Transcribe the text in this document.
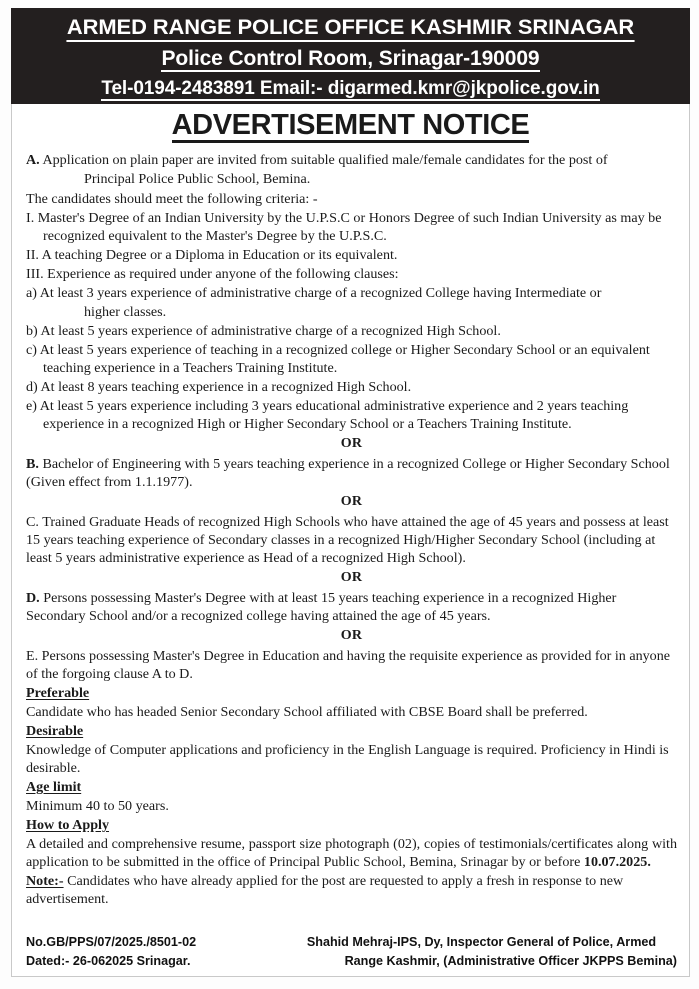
ARMED RANGE POLICE OFFICE KASHMIR SRINAGAR
Police Control Room, Srinagar-190009
Tel-0194-2483891 Email:- digarmed.kmr@jkpolice.gov.in
ADVERTISEMENT NOTICE

A. Application on plain paper are invited from suitable qualified male/female candidates for the post of

Principal Police Public School, Bemina.

The candidates should meet the following criteria: -

I. Master's Degree of an Indian University by the U.P.S.C or Honors Degree of such Indian University as may be recognized equivalent to the Master's Degree by the U.P.S.C.

II. A teaching Degree or a Diploma in Education or its equivalent.

III. Experience as required under anyone of the following clauses:

a) At least 3 years experience of administrative charge of a recognized College having Intermediate or

higher classes.

b) At least 5 years experience of administrative charge of a recognized High School.

c) At least 5 years experience of teaching in a recognized college or Higher Secondary School or an equivalent teaching experience in a Teachers Training Institute.

d) At least 8 years teaching experience in a recognized High School.

e) At least 5 years experience including 3 years educational administrative experience and 2 years teaching experience in a recognized High or Higher Secondary School or a Teachers Training Institute.

OR

B. Bachelor of Engineering with 5 years teaching experience in a recognized College or Higher Secondary School (Given effect from 1.1.1977).

OR

C. Trained Graduate Heads of recognized High Schools who have attained the age of 45 years and possess at least 15 years teaching experience of Secondary classes in a recognized High/Higher Secondary School (including at least 5 years administrative experience as Head of a recognized High School).

OR

D. Persons possessing Master's Degree with at least 15 years teaching experience in a recognized Higher Secondary School and/or a recognized college having attained the age of 45 years.

OR

E. Persons possessing Master's Degree in Education and having the requisite experience as provided for in anyone of the forgoing clause A to D.

Preferable

Candidate who has headed Senior Secondary School affiliated with CBSE Board shall be preferred.

Desirable

Knowledge of Computer applications and proficiency in the English Language is required. Proficiency in Hindi is desirable.

Age limit

Minimum 40 to 50 years.

How to Apply

A detailed and comprehensive resume, passport size photograph (02), copies of testimonials/certificates along with application to be submitted in the office of Principal Public School, Bemina, Srinagar by or before 10.07.2025.

Note:- Candidates who have already applied for the post are requested to apply a fresh in response to new advertisement.

No.GB/PPS/07/2025./8501-02
Dated:- 26-062025 Srinagar.
Shahid Mehraj-IPS, Dy, Inspector General of Police, Armed
Range Kashmir, (Administrative Officer JKPPS Bemina)
